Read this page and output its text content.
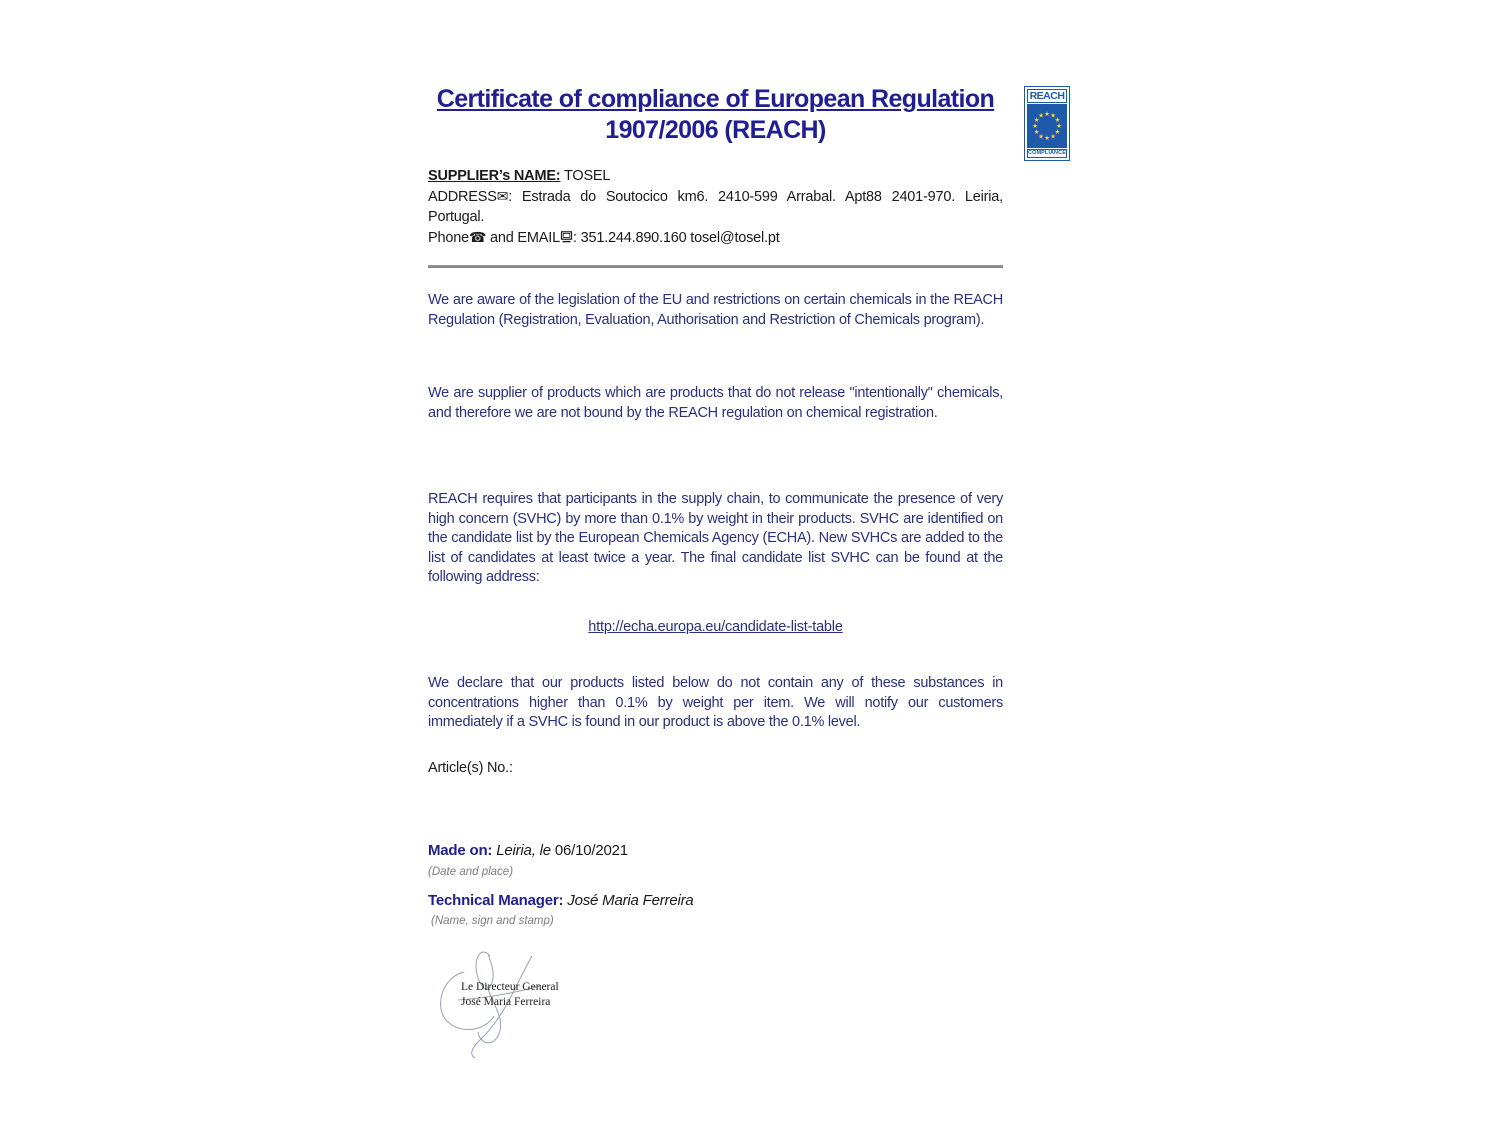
Certificate of compliance of European Regulation
1907/2006 (REACH)
SUPPLIER’s NAME: TOSEL
ADDRESS✉: Estrada do Soutocico km6. 2410-599 Arrabal. Apt88 2401-970. Leiria, Portugal.
Phone☎ and EMAIL : 351.244.890.160 tosel@tosel.pt
We are aware of the legislation of the EU and restrictions on certain chemicals in the REACH Regulation (Registration, Evaluation, Authorisation and Restriction of Chemicals program).
We are supplier of products which are products that do not release "intentionally" chemicals, and therefore we are not bound by the REACH regulation on chemical registration.
REACH requires that participants in the supply chain, to communicate the presence of very high concern (SVHC) by more than 0.1% by weight in their products. SVHC are identified on the candidate list by the European Chemicals Agency (ECHA). New SVHCs are added to the list of candidates at least twice a year. The final candidate list SVHC can be found at the following address:
http://echa.europa.eu/candidate-list-table
We declare that our products listed below do not contain any of these substances in concentrations higher than 0.1% by weight per item. We will notify our customers immediately if a SVHC is found in our product is above the 0.1% level.
Article(s) No.:
Made on: Leiria, le 06/10/2021
(Date and place)
Technical Manager: José Maria Ferreira
(Name, sign and stamp)
Le Directeur General
José Maria Ferreira
REACH
COMPLIANCE
